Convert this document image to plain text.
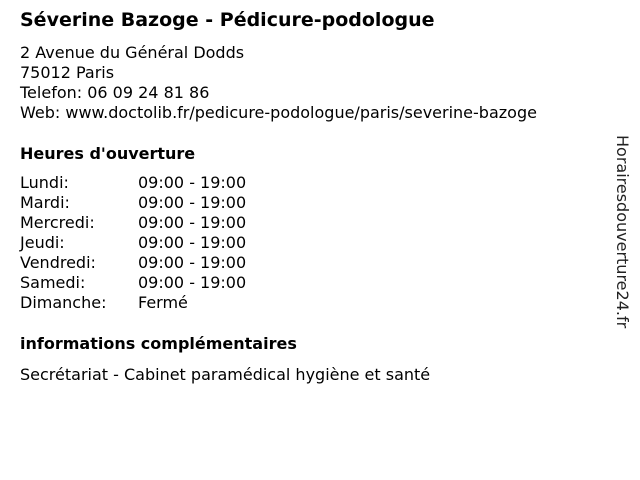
Séverine Bazoge - Pédicure-podologue
2 Avenue du Général Dodds
75012 Paris
Telefon: 06 09 24 81 86
Web: www.doctolib.fr/pedicure-podologue/paris/severine-bazoge
Heures d'ouverture
Lundi:	09:00 - 19:00
Mardi:	09:00 - 19:00
Mercredi:	09:00 - 19:00
Jeudi:	09:00 - 19:00
Vendredi:	09:00 - 19:00
Samedi:	09:00 - 19:00
Dimanche: Fermé
informations complémentaires
Secrétariat - Cabinet paramédical hygiène et santé
Horairesdouverture24.fr
